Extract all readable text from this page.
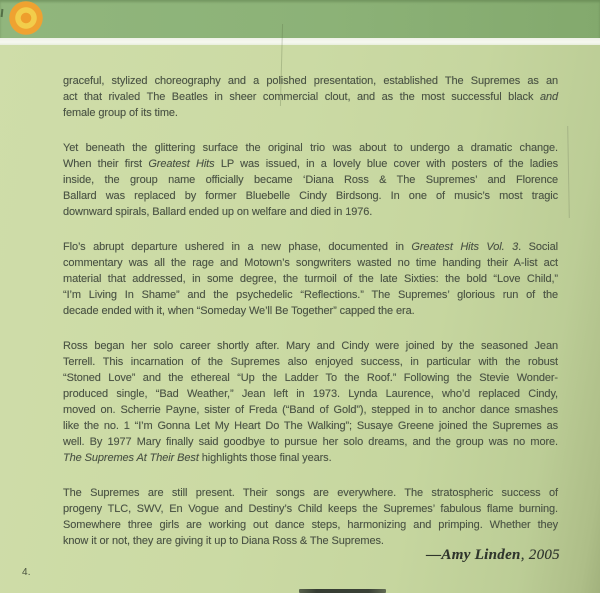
graceful, stylized choreography and a polished presentation, established The Supremes as an
act that rivaled The Beatles in sheer commercial clout, and as the most successful black and
female group of its time.
Yet beneath the glittering surface the original trio was about to undergo a dramatic change.
When their first Greatest Hits LP was issued, in a lovely blue cover with posters of the ladies
inside, the group name officially became ‘Diana Ross & The Supremes’ and Florence
Ballard was replaced by former Bluebelle Cindy Birdsong. In one of music’s most tragic
downward spirals, Ballard ended up on welfare and died in 1976.
Flo’s abrupt departure ushered in a new phase, documented in Greatest Hits Vol. 3. Social
commentary was all the rage and Motown’s songwriters wasted no time handing their A-list act
material that addressed, in some degree, the turmoil of the late Sixties: the bold “Love Child,”
“I’m Living In Shame” and the psychedelic “Reflections.” The Supremes’ glorious run of the
decade ended with it, when “Someday We’ll Be Together” capped the era.
Ross began her solo career shortly after. Mary and Cindy were joined by the seasoned Jean
Terrell. This incarnation of the Supremes also enjoyed success, in particular with the robust
“Stoned Love” and the ethereal “Up the Ladder To the Roof.” Following the Stevie Wonder-
produced single, “Bad Weather,” Jean left in 1973. Lynda Laurence, who’d replaced Cindy,
moved on. Scherrie Payne, sister of Freda (“Band of Gold”), stepped in to anchor dance smashes
like the no. 1 “I’m Gonna Let My Heart Do The Walking”; Susaye Greene joined the Supremes as
well. By 1977 Mary finally said goodbye to pursue her solo dreams, and the group was no more.
The Supremes At Their Best highlights those final years.
The Supremes are still present. Their songs are everywhere. The stratospheric success of
progeny TLC, SWV, En Vogue and Destiny’s Child keeps the Supremes’ fabulous flame burning.
Somewhere three girls are working out dance steps, harmonizing and primping. Whether they
know it or not, they are giving it up to Diana Ross & The Supremes.
—Amy Linden, 2005
4.
